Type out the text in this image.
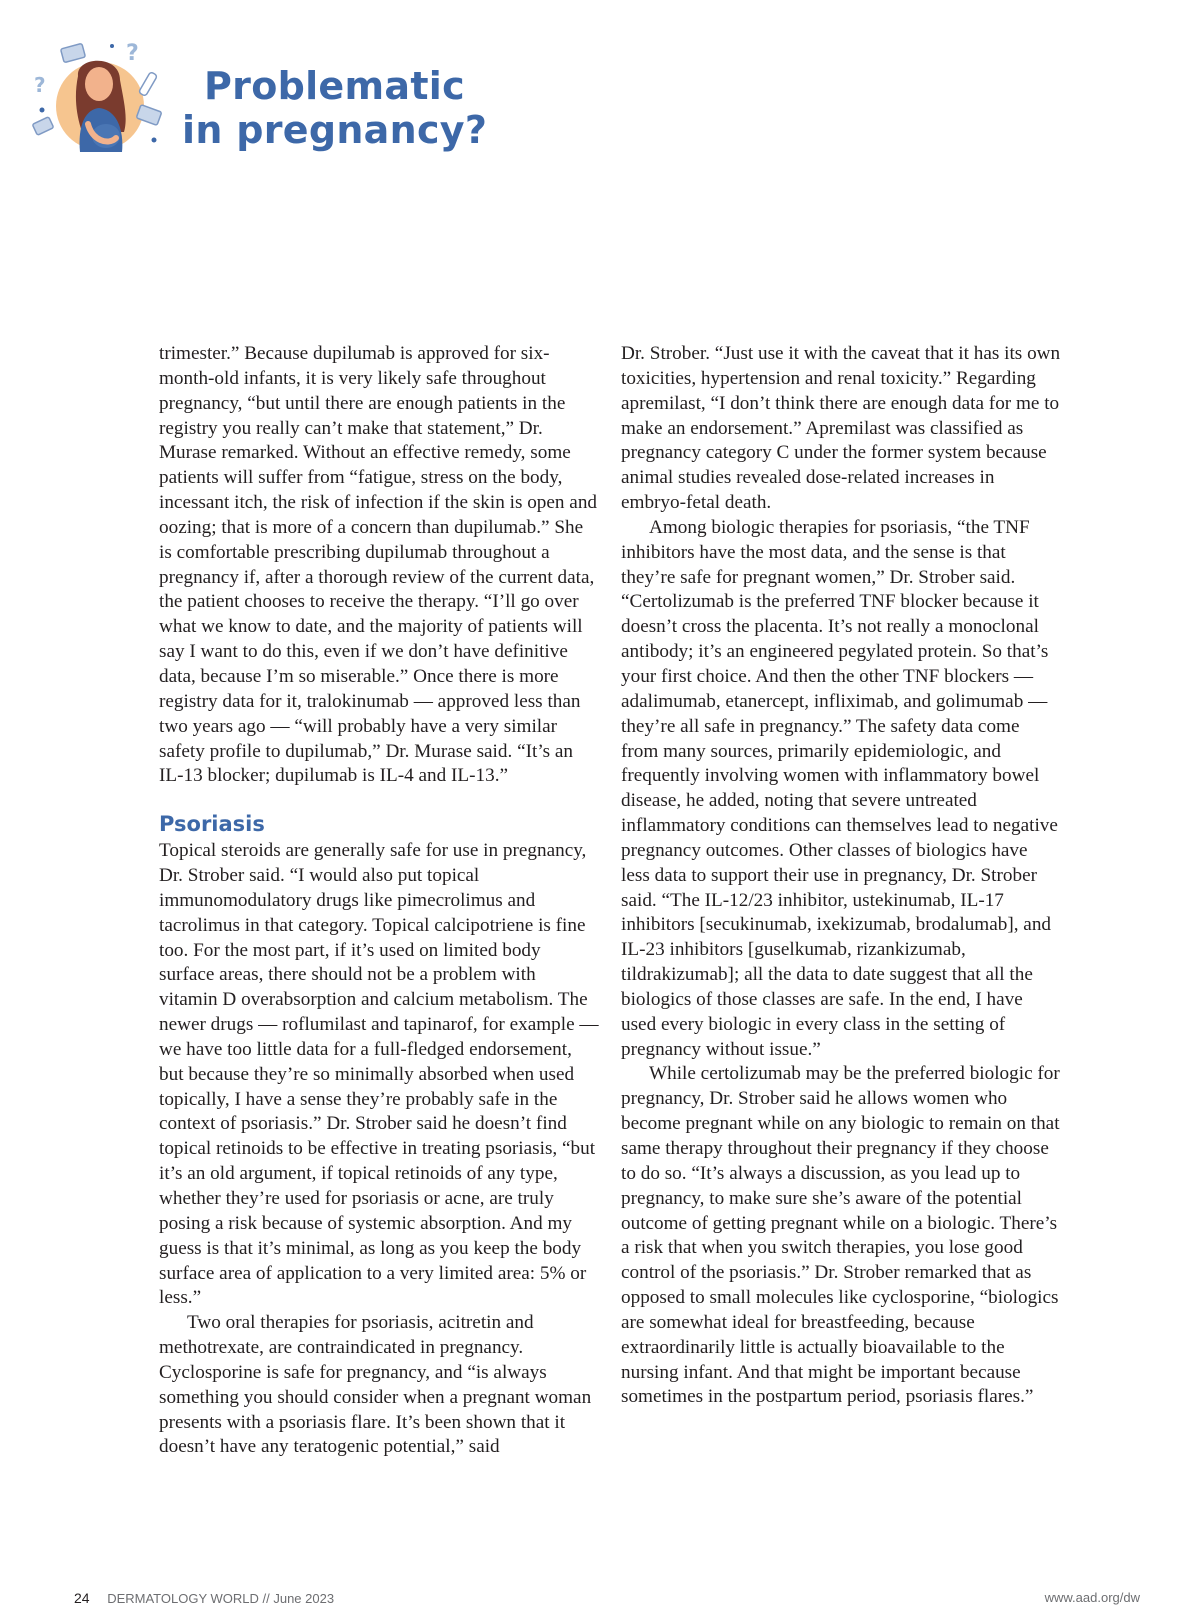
?
?
Problematic
in pregnancy?

trimester.” Because dupilumab is approved for six-month-old infants, it is very likely safe throughout pregnancy, “but until there are enough patients in the registry you really can’t make that statement,” Dr. Murase remarked. Without an effective remedy, some patients will suffer from “fatigue, stress on the body, incessant itch, the risk of infection if the skin is open and oozing; that is more of a concern than dupilumab.” She is comfortable prescribing dupilumab throughout a pregnancy if, after a thorough review of the current data, the patient chooses to receive the therapy. “I’ll go over what we know to date, and the majority of patients will say I want to do this, even if we don’t have definitive data, because I’m so miserable.” Once there is more registry data for it, tralokinumab — approved less than two years ago — “will probably have a very similar safety profile to dupilumab,” Dr. Murase said. “It’s an IL-13 blocker; dupilumab is IL-4 and IL-13.”

Psoriasis

Topical steroids are generally safe for use in pregnancy, Dr. Strober said. “I would also put topical immunomodulatory drugs like pimecrolimus and tacrolimus in that category. Topical calcipotriene is fine too. For the most part, if it’s used on limited body surface areas, there should not be a problem with vitamin D overabsorption and calcium metabolism. The newer drugs — roflumilast and tapinarof, for example — we have too little data for a full-fledged endorsement, but because they’re so minimally absorbed when used topically, I have a sense they’re probably safe in the context of psoriasis.” Dr. Strober said he doesn’t find topical retinoids to be effective in treating psoriasis, “but it’s an old argument, if topical retinoids of any type, whether they’re used for psoriasis or acne, are truly posing a risk because of systemic absorption. And my guess is that it’s minimal, as long as you keep the body surface area of application to a very limited area: 5% or less.”

Two oral therapies for psoriasis, acitretin and methotrexate, are contraindicated in pregnancy. Cyclosporine is safe for pregnancy, and “is always something you should consider when a pregnant woman presents with a psoriasis flare. It’s been shown that it doesn’t have any teratogenic potential,” said

Dr. Strober. “Just use it with the caveat that it has its own toxicities, hypertension and renal toxicity.” Regarding apremilast, “I don’t think there are enough data for me to make an endorsement.” Apremilast was classified as pregnancy category C under the former system because animal studies revealed dose-related increases in embryo-fetal death.

Among biologic therapies for psoriasis, “the TNF inhibitors have the most data, and the sense is that they’re safe for pregnant women,” Dr. Strober said. “Certolizumab is the preferred TNF blocker because it doesn’t cross the placenta. It’s not really a monoclonal antibody; it’s an engineered pegylated protein. So that’s your first choice. And then the other TNF blockers — adalimumab, etanercept, infliximab, and golimumab — they’re all safe in pregnancy.” The safety data come from many sources, primarily epidemiologic, and frequently involving women with inflammatory bowel disease, he added, noting that severe untreated inflammatory conditions can themselves lead to negative pregnancy outcomes. Other classes of biologics have less data to support their use in pregnancy, Dr. Strober said. “The IL-12/23 inhibitor, ustekinumab, IL-17 inhibitors [secukinumab, ixekizumab, brodalumab], and IL-23 inhibitors [guselkumab, rizankizumab, tildrakizumab]; all the data to date suggest that all the biologics of those classes are safe. In the end, I have used every biologic in every class in the setting of pregnancy without issue.”

While certolizumab may be the preferred biologic for pregnancy, Dr. Strober said he allows women who become pregnant while on any biologic to remain on that same therapy throughout their pregnancy if they choose to do so. “It’s always a discussion, as you lead up to pregnancy, to make sure she’s aware of the potential outcome of getting pregnant while on a biologic. There’s a risk that when you switch therapies, you lose good control of the psoriasis.” Dr. Strober remarked that as opposed to small molecules like cyclosporine, “biologics are somewhat ideal for breastfeeding, because extraordinarily little is actually bioavailable to the nursing infant. And that might be important because sometimes in the postpartum period, psoriasis flares.”

24 DERMATOLOGY WORLD // June 2023	www.aad.org/dw
